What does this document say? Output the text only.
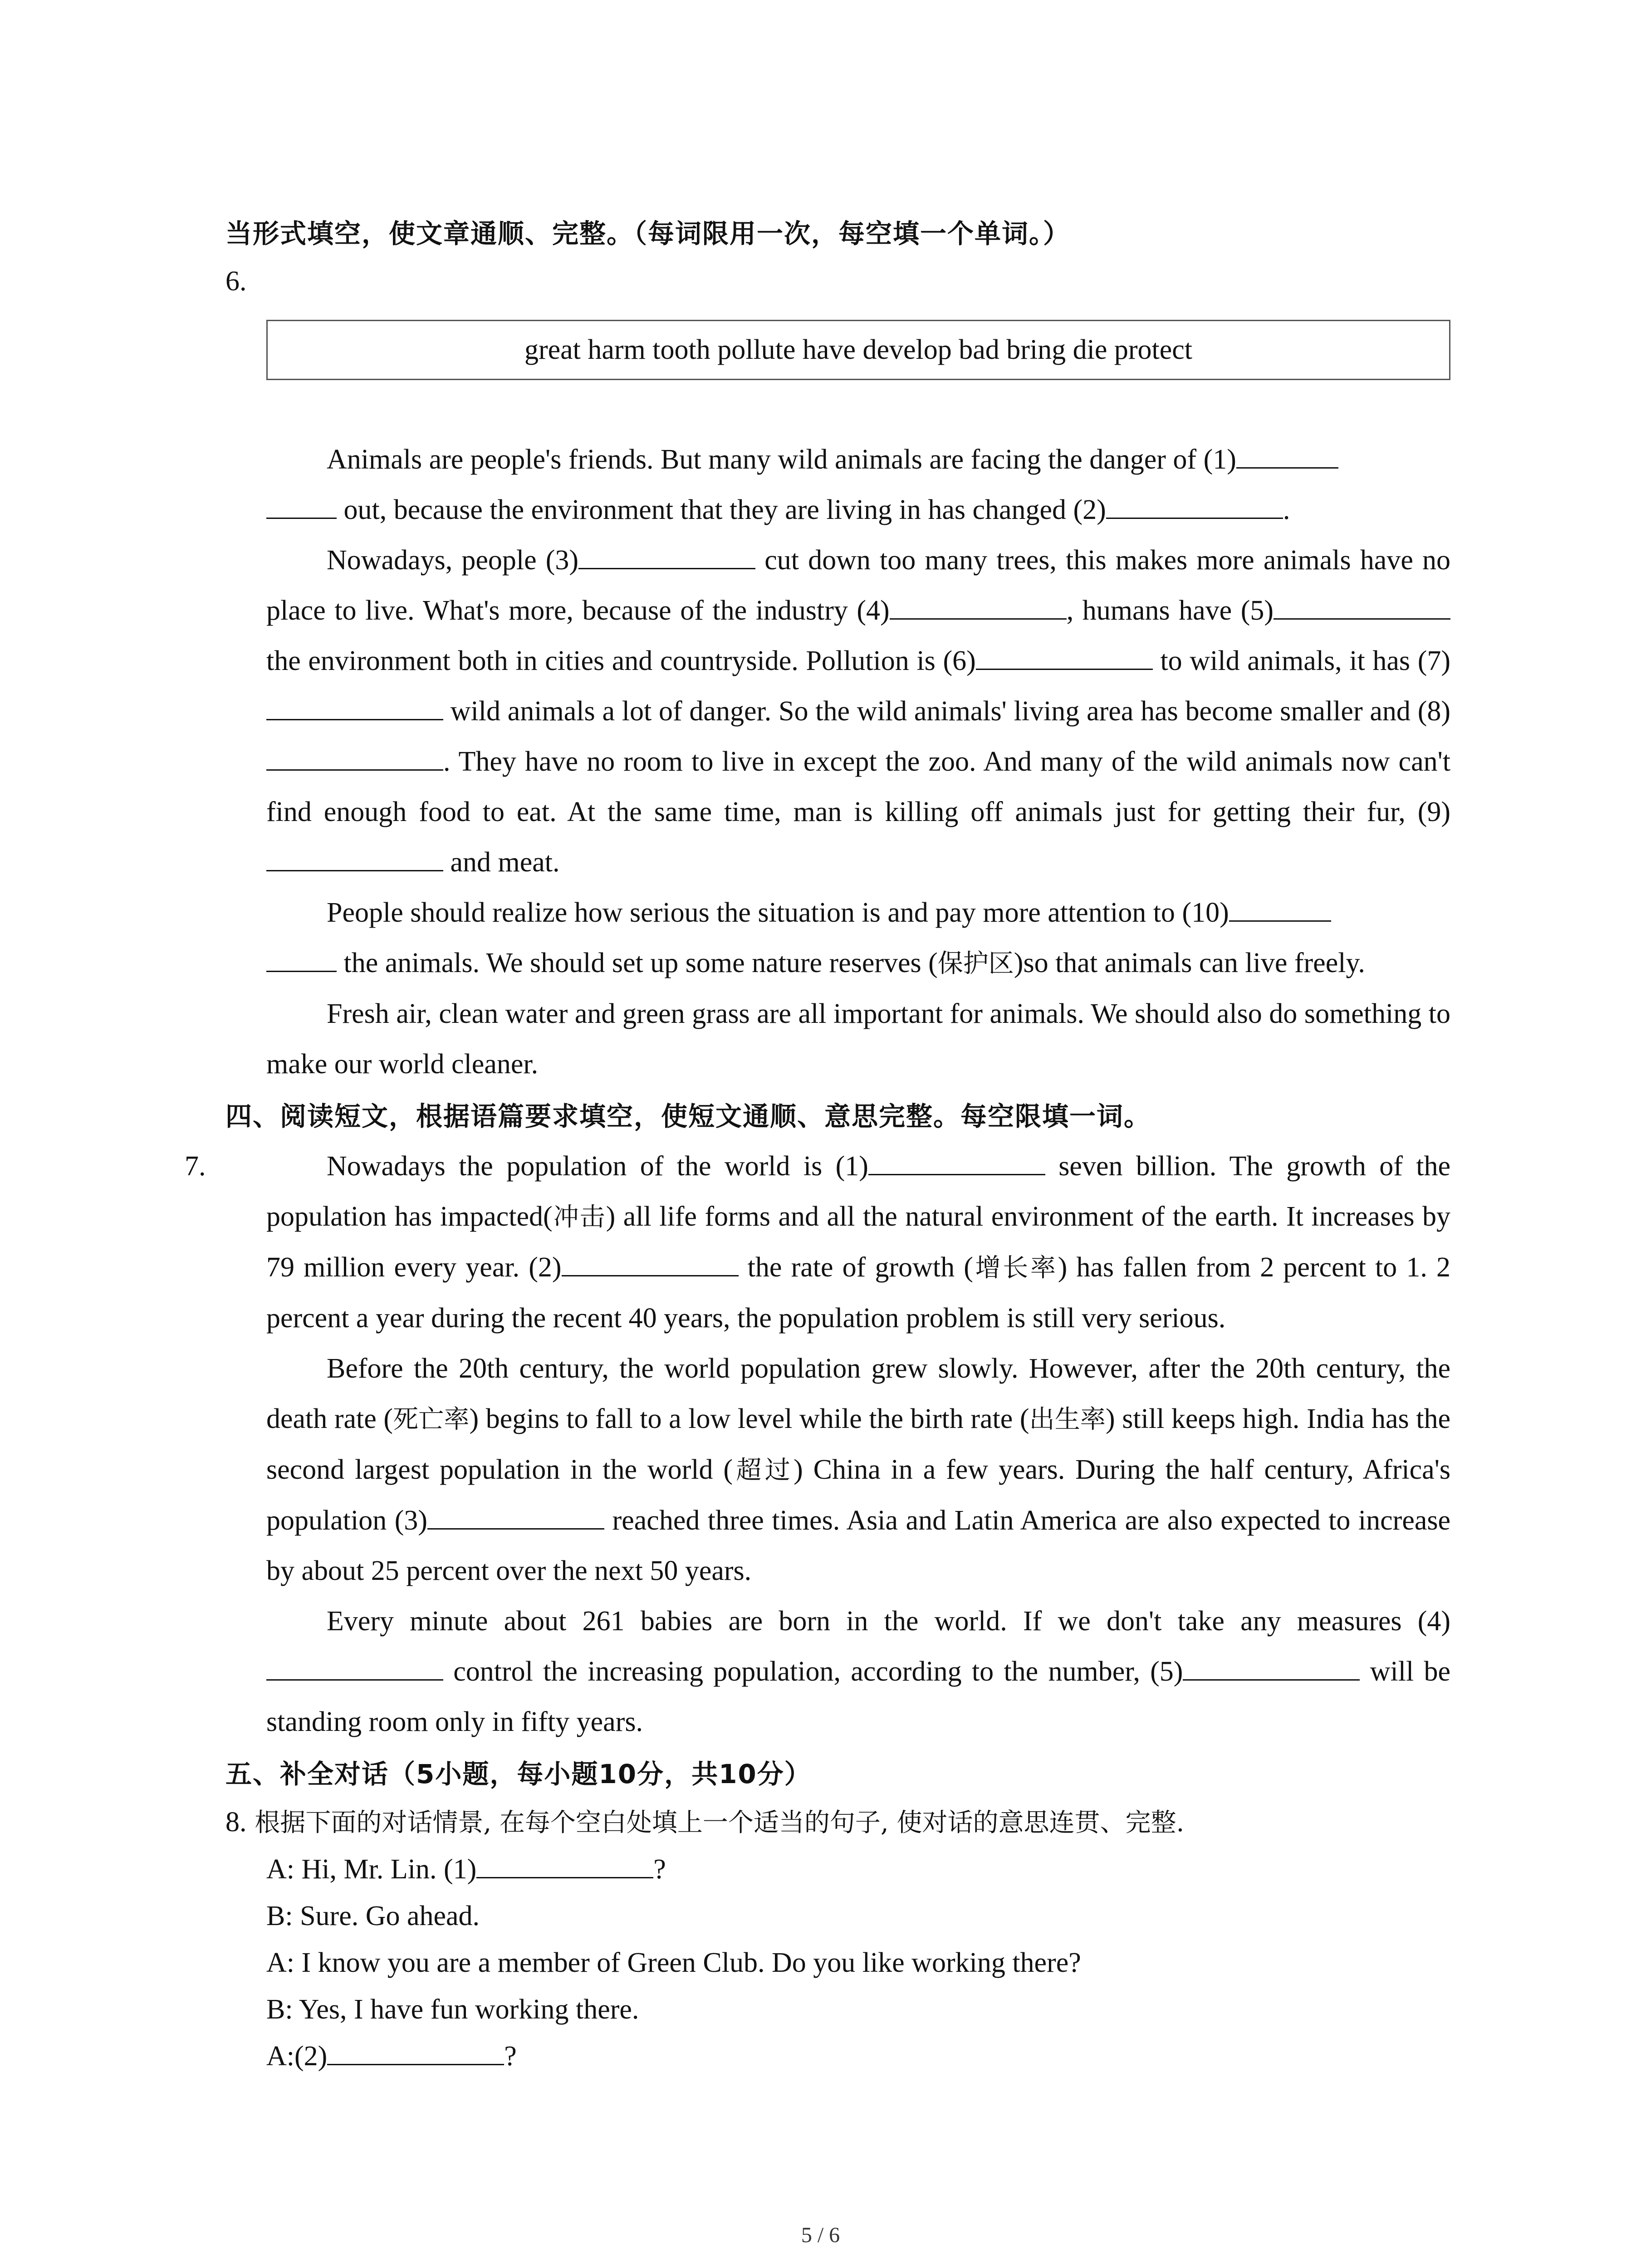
当形式填空，使文章通顺、完整。（每词限用一次，每空填一个单词。）
6.
great harm tooth pollute have develop bad bring die protect

Animals are people's friends. But many wild animals are facing the danger of (1)
out, because the environment that they are living in has changed (2)	.

Nowadays, people (3)	cut down too many trees, this makes more animals have no place to live. What's more, because of the industry (4)	, humans have (5) the environment both in cities and countryside. Pollution is (6)	to wild animals, it has (7) wild animals a lot of danger. So the wild animals' living area has become smaller and (8). They have no room to live in except the zoo. And many of the wild animals now can't find enough food to eat. At the same time, man is killing off animals just for getting their fur, (9) and meat.

People should realize how serious the situation is and pay more attention to (10)
the animals. We should set up some nature reserves (保护区)so that animals can live freely.

Fresh air, clean water and green grass are all important for animals. We should also do something to make our world cleaner.

四、阅读短文，根据语篇要求填空，使短文通顺、意思完整。每空限填一词。
7.	Nowadays the population of the world is (1)	seven billion. The growth of the population has impacted(冲击) all life forms and all the natural environment of the earth. It increases by 79 million every year. (2)	the rate of growth (增长率) has fallen from 2 percent to 1. 2 percent a year during the recent 40 years, the population problem is still very serious.

Before the 20th century, the world population grew slowly. However, after the 20th century, the death rate (死亡率) begins to fall to a low level while the birth rate (出生率) still keeps high. India has the second largest population in the world (超过) China in a few years. During the half century, Africa's population (3)	reached three times. Asia and Latin America are also expected to increase by about 25 percent over the next 50 years.

Every minute about 261 babies are born in the world. If we don't take any measures (4) control the increasing population, according to the number, (5)	will be standing room only in fifty years.

五、补全对话（5小题，每小题10分，共10分）

8. 根据下面的对话情景, 在每个空白处填上一个适当的句子, 使对话的意思连贯、完整.

A: Hi, Mr. Lin. (1)	?

B: Sure. Go ahead.

A: I know you are a member of Green Club. Do you like working there?

B: Yes, I have fun working there.

A:(2)	?

5 / 6
